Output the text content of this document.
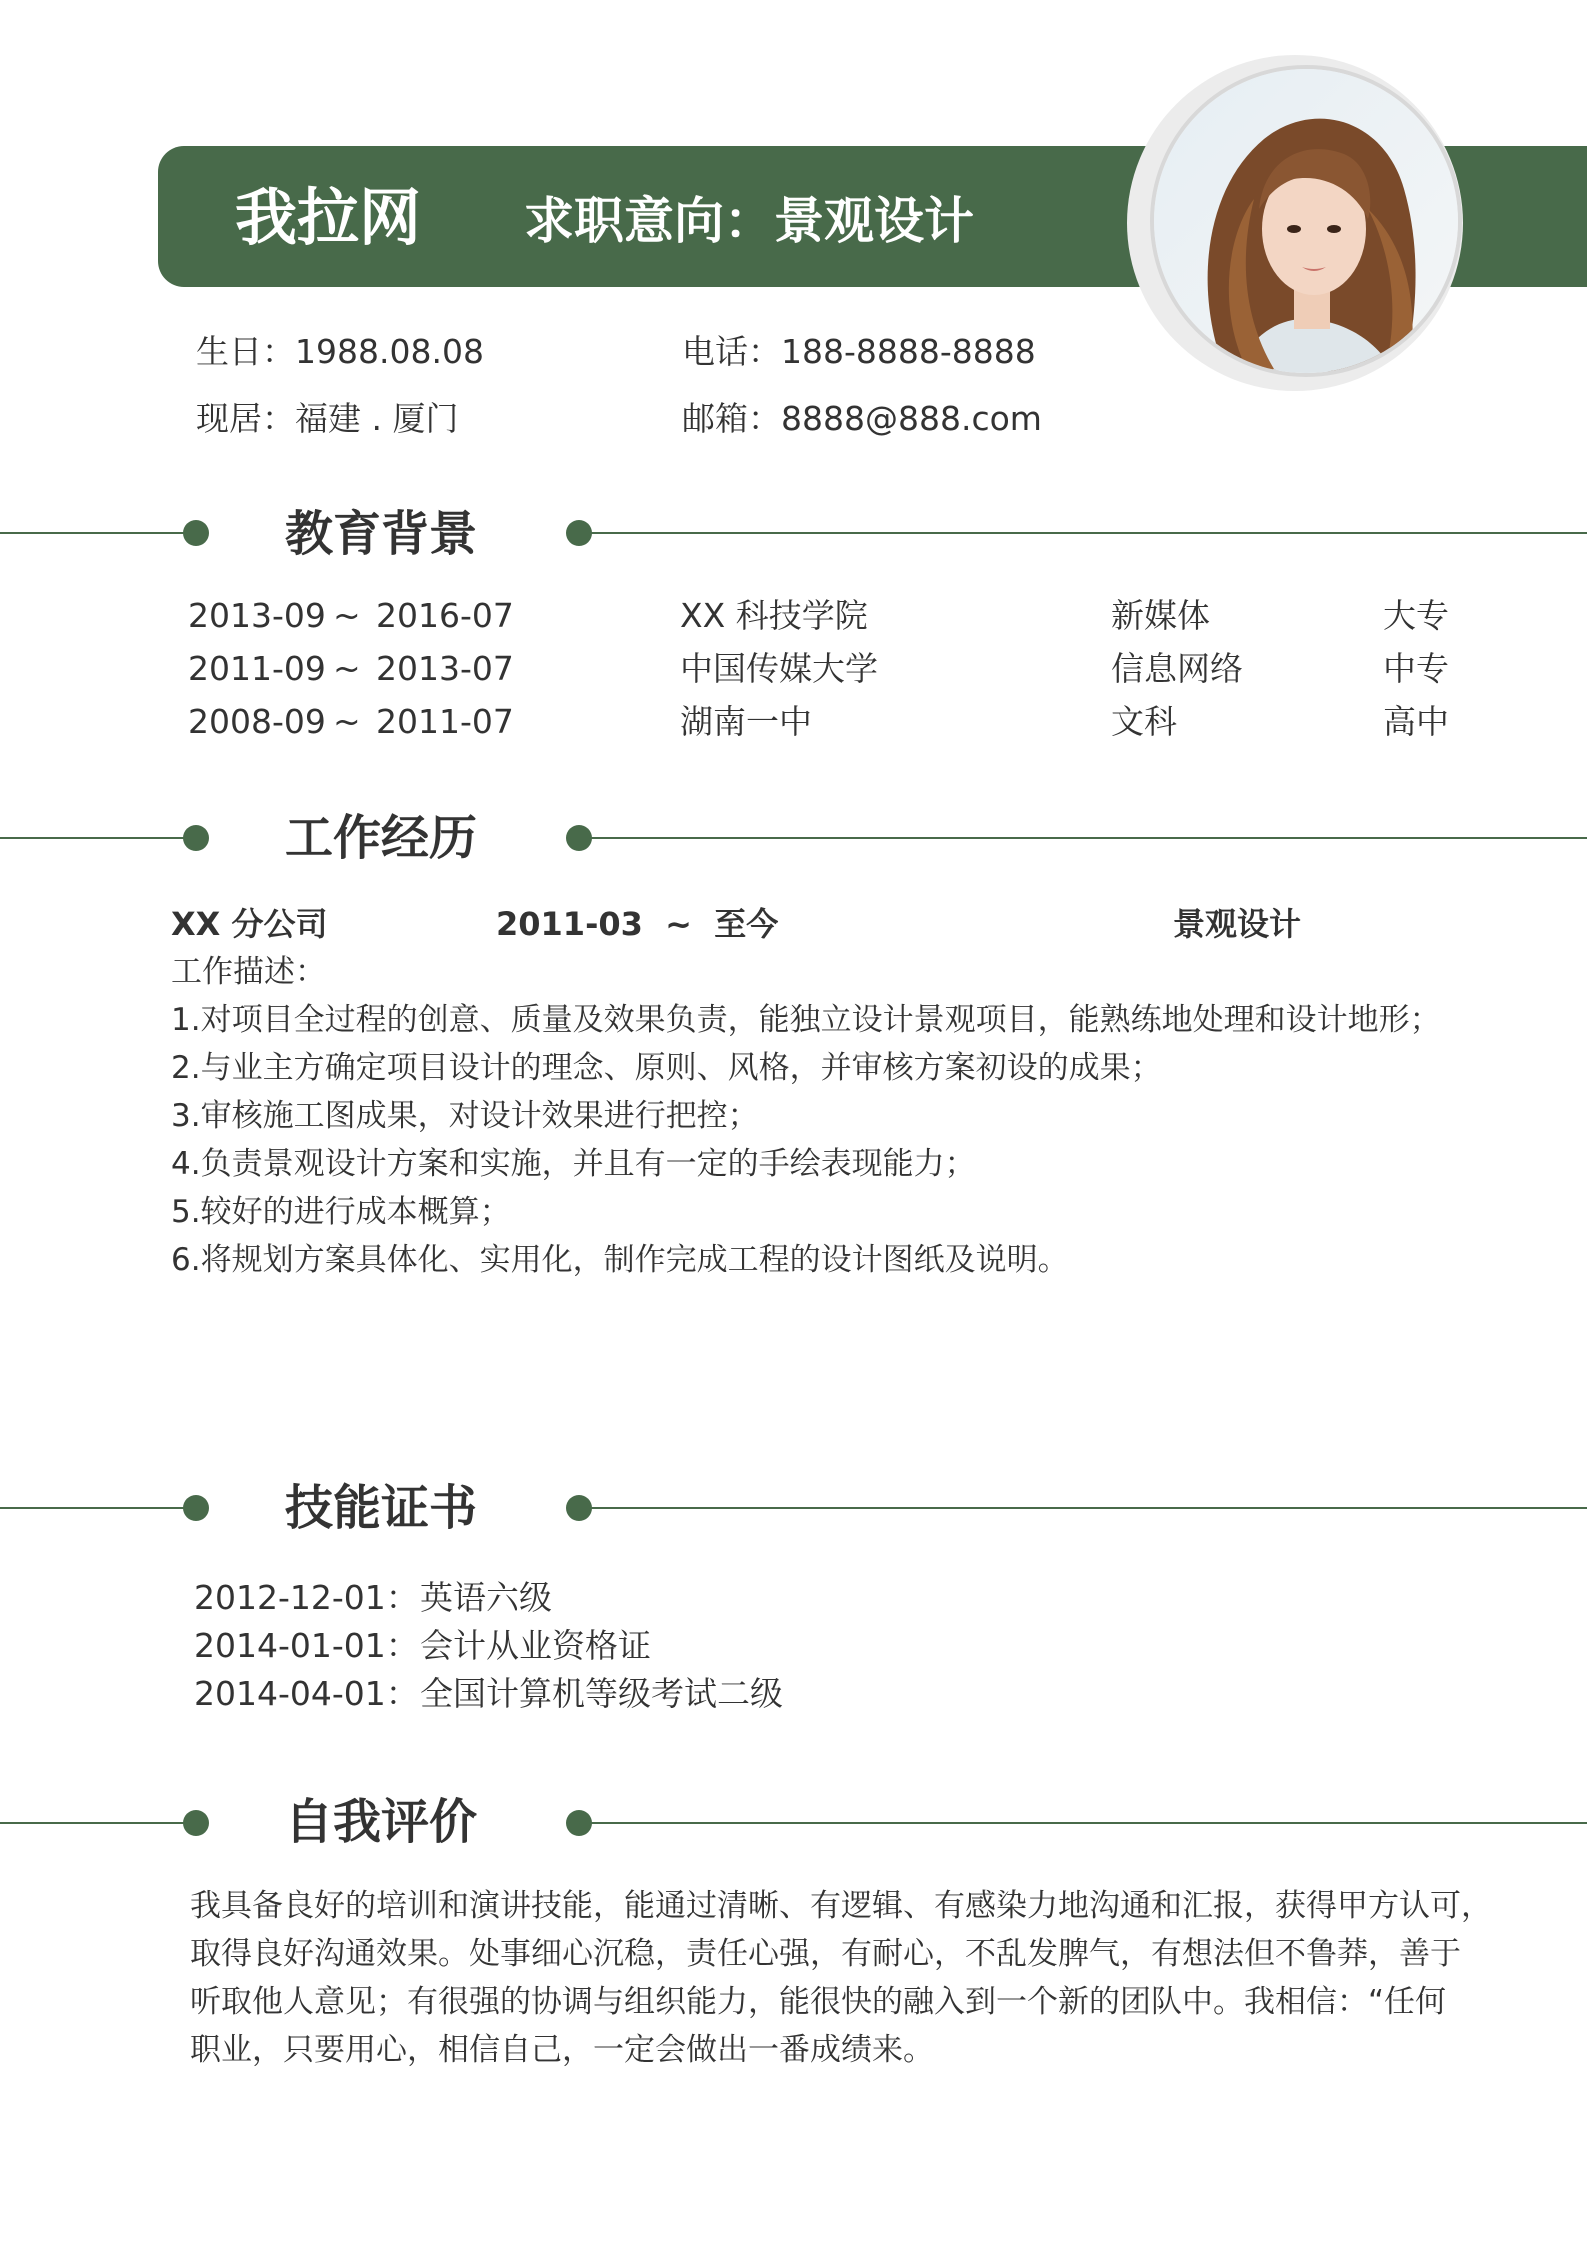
我拉网 求职意向：景观设计
生日：1988.08.08
现居：福建 . 厦门
电话：188-8888-8888
邮箱：8888@888.com
教育背景
2013-09 ~ 2016-07	XX 科技学院	新媒体	大专
2011-09 ~ 2013-07	中国传媒大学	信息网络	中专
2008-09 ~ 2011-07	湖南一中	文科	高中
工作经历
XX 分公司	2011-03  ~  至今	景观设计
工作描述：
1.对项目全过程的创意、质量及效果负责，能独立设计景观项目，能熟练地处理和设计地形；
2.与业主方确定项目设计的理念、原则、风格，并审核方案初设的成果；
3.审核施工图成果，对设计效果进行把控；
4.负责景观设计方案和实施，并且有一定的手绘表现能力；
5.较好的进行成本概算；
6.将规划方案具体化、实用化，制作完成工程的设计图纸及说明。
技能证书
2012-12-01： 英语六级
2014-01-01： 会计从业资格证
2014-04-01： 全国计算机等级考试二级
自我评价
我具备良好的培训和演讲技能，能通过清晰、有逻辑、有感染力地沟通和汇报，获得甲方认可，
取得良好沟通效果。处事细心沉稳，责任心强，有耐心，不乱发脾气，有想法但不鲁莽，善于
听取他人意见；有很强的协调与组织能力，能很快的融入到一个新的团队中。我相信：“任何
职业，只要用心，相信自己，一定会做出一番成绩来。
